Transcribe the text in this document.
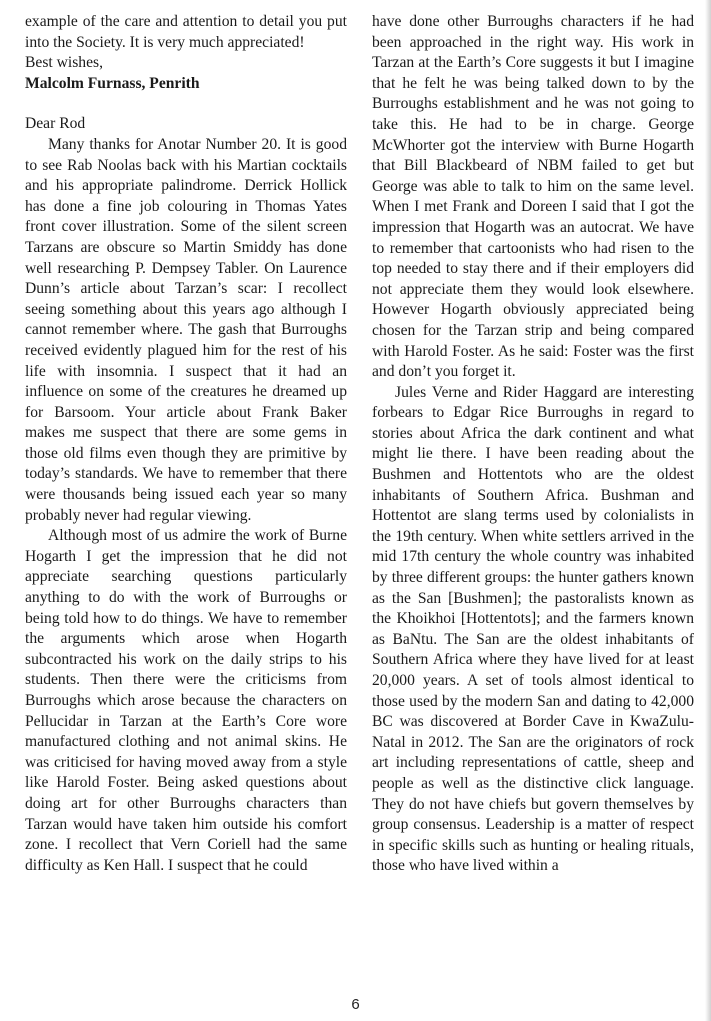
example of the care and attention to detail you put into the Society. It is very much appreciated!

Best wishes,

Malcolm Furnass, Penrith

Dear Rod

Many thanks for Anotar Number 20. It is good to see Rab Noolas back with his Martian cocktails and his appropriate palindrome. Derrick Hollick has done a fine job colouring in Thomas Yates front cover illustration. Some of the silent screen Tarzans are obscure so Martin Smiddy has done well researching P. Dempsey Tabler. On Laurence Dunn’s article about Tarzan’s scar: I recollect seeing something about this years ago although I cannot remember where. The gash that Burroughs received evidently plagued him for the rest of his life with insomnia. I suspect that it had an influence on some of the creatures he dreamed up for Barsoom. Your article about Frank Baker makes me suspect that there are some gems in those old films even though they are primitive by today’s standards. We have to remember that there were thousands being issued each year so many probably never had regular viewing.

Although most of us admire the work of Burne Hogarth I get the impression that he did not appreciate searching questions particularly anything to do with the work of Burroughs or being told how to do things. We have to remember the arguments which arose when Hogarth subcontracted his work on the daily strips to his students. Then there were the criticisms from Burroughs which arose because the characters on Pellucidar in Tarzan at the Earth’s Core wore manufactured clothing and not animal skins. He was criticised for having moved away from a style like Harold Foster. Being asked questions about doing art for other Burroughs characters than Tarzan would have taken him outside his comfort zone. I recollect that Vern Coriell had the same difficulty as Ken Hall. I suspect that he could

have done other Burroughs characters if he had been approached in the right way. His work in Tarzan at the Earth’s Core suggests it but I imagine that he felt he was being talked down to by the Burroughs establishment and he was not going to take this. He had to be in charge. George McWhorter got the interview with Burne Hogarth that Bill Blackbeard of NBM failed to get but George was able to talk to him on the same level. When I met Frank and Doreen I said that I got the impression that Hogarth was an autocrat. We have to remember that cartoonists who had risen to the top needed to stay there and if their employers did not appreciate them they would look elsewhere. However Hogarth obviously appreciated being chosen for the Tarzan strip and being compared with Harold Foster. As he said: Foster was the first and don’t you forget it.

Jules Verne and Rider Haggard are interesting forbears to Edgar Rice Burroughs in regard to stories about Africa the dark continent and what might lie there. I have been reading about the Bushmen and Hottentots who are the oldest inhabitants of Southern Africa. Bushman and Hottentot are slang terms used by colonialists in the 19th century. When white settlers arrived in the mid 17th century the whole country was inhabited by three different groups: the hunter gathers known as the San [Bushmen]; the pastoralists known as the Khoikhoi [Hottentots]; and the farmers known as BaNtu. The San are the oldest inhabitants of Southern Africa where they have lived for at least 20,000 years. A set of tools almost identical to those used by the modern San and dating to 42,000 BC was discovered at Border Cave in KwaZulu-Natal in 2012. The San are the originators of rock art including representations of cattle, sheep and people as well as the distinctive click language. They do not have chiefs but govern themselves by group consensus. Leadership is a matter of respect in specific skills such as hunting or healing rituals, those who have lived within a

6
